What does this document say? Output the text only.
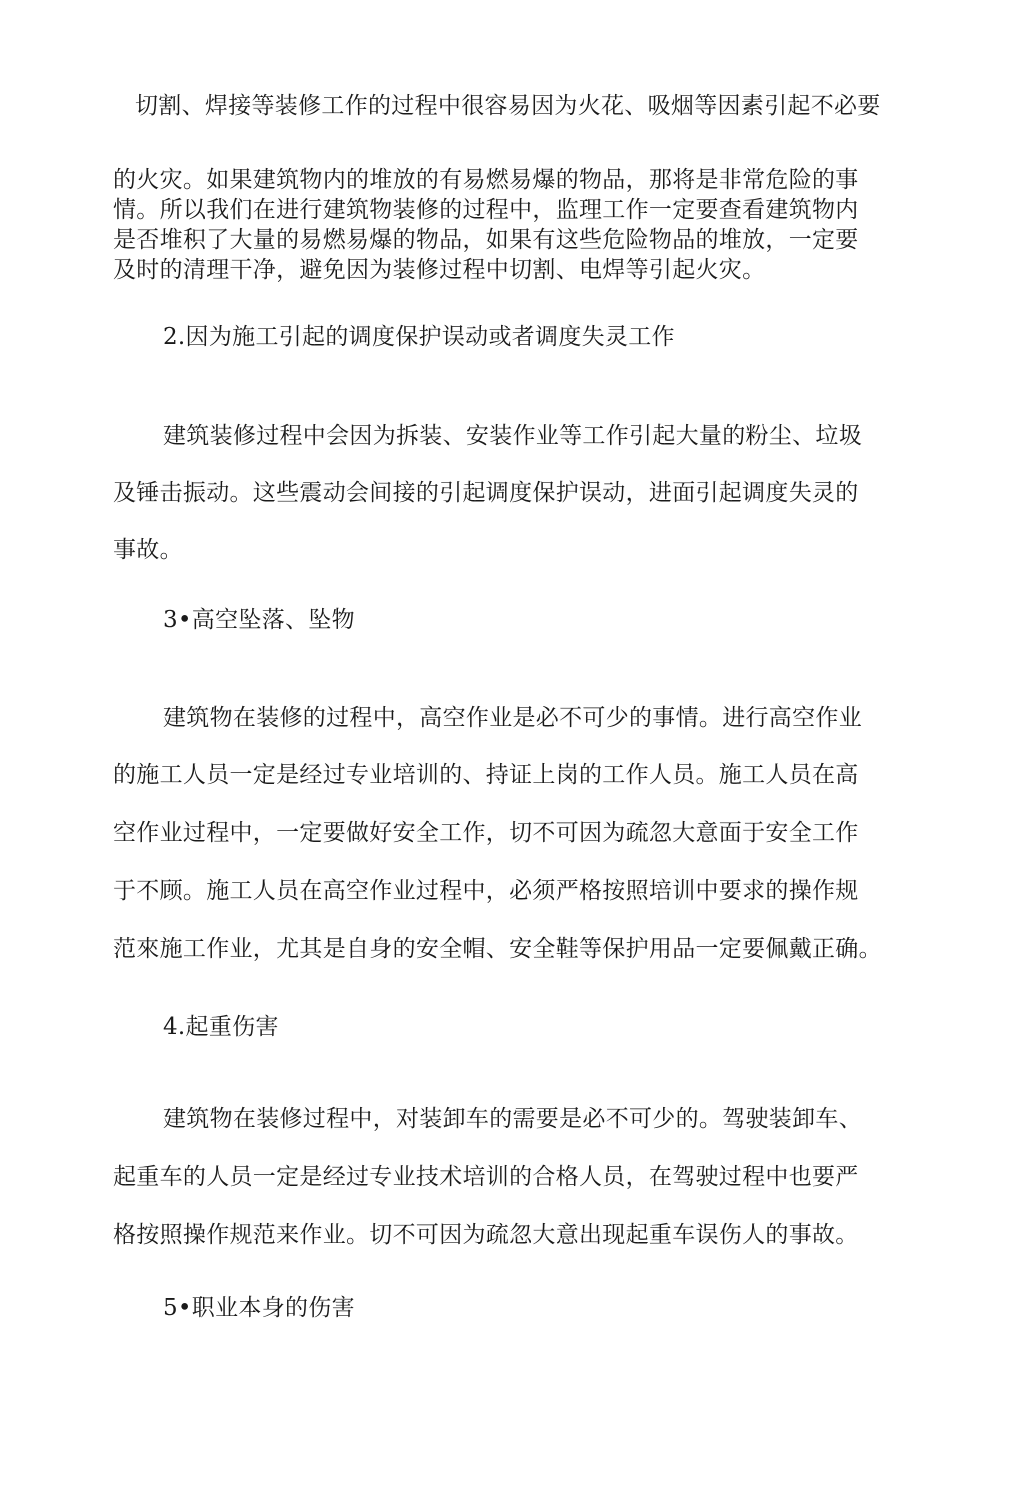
切割、焊接等装修工作的过程中很容易因为火花、吸烟等因素引起不必要
的火灾。如果建筑物内的堆放的有易燃易爆的物品，那将是非常危险的事
情。所以我们在进行建筑物装修的过程中，监理工作一定要查看建筑物内
是否堆积了大量的易燃易爆的物品，如果有这些危险物品的堆放，一定要
及时的清理干净，避免因为装修过程中切割、电焊等引起火灾。
2.因为施工引起的调度保护误动或者调度失灵工作
建筑装修过程中会因为拆装、安装作业等工作引起大量的粉尘、垃圾
及锤击振动。这些震动会间接的引起调度保护误动，进面引起调度失灵的
事故。
3•高空坠落、坠物
建筑物在装修的过程中，高空作业是必不可少的事情。进行高空作业
的施工人员一定是经过专业培训的、持证上岗的工作人员。施工人员在高
空作业过程中，一定要做好安全工作，切不可因为疏忽大意面于安全工作
于不顾。施工人员在高空作业过程中，必须严格按照培训中要求的操作规
范來施工作业，尤其是自身的安全帽、安全鞋等保护用品一定要佩戴正确。
4.起重伤害
建筑物在装修过程中，对装卸车的需要是必不可少的。驾驶装卸车、
起重车的人员一定是经过专业技术培训的合格人员，在驾驶过程中也要严
格按照操作规范来作业。切不可因为疏忽大意出现起重车误伤人的事故。
5•职业本身的伤害
